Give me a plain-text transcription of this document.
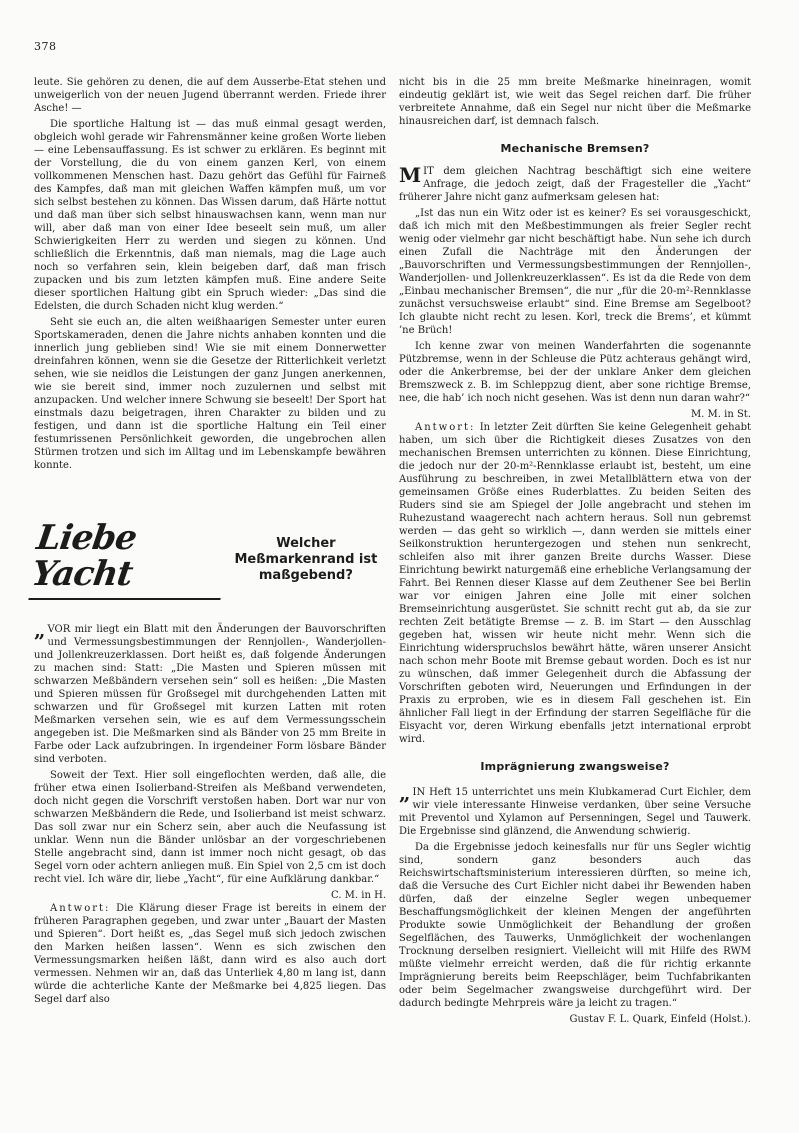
378

leute. Sie gehören zu denen, die auf dem Ausserbe-Etat stehen und unweigerlich von der neuen Jugend überrannt werden. Friede ihrer Asche! —

Die sportliche Haltung ist — das muß einmal gesagt werden, obgleich wohl gerade wir Fahrensmänner keine großen Worte lieben — eine Lebensauffassung. Es ist schwer zu erklären. Es beginnt mit der Vorstellung, die du von einem ganzen Kerl, von einem vollkommenen Menschen hast. Dazu gehört das Gefühl für Fairneß des Kampfes, daß man mit gleichen Waffen kämpfen muß, um vor sich selbst bestehen zu können. Das Wissen darum, daß Härte nottut und daß man über sich selbst hinauswachsen kann, wenn man nur will, aber daß man von einer Idee beseelt sein muß, um aller Schwierigkeiten Herr zu werden und siegen zu können. Und schließlich die Erkenntnis, daß man niemals, mag die Lage auch noch so verfahren sein, klein beigeben darf, daß man frisch zupacken und bis zum letzten kämpfen muß. Eine andere Seite dieser sportlichen Haltung gibt ein Spruch wieder: „Das sind die Edelsten, die durch Schaden nicht klug werden.“

Seht sie euch an, die alten weißhaarigen Semester unter euren Sportskameraden, denen die Jahre nichts anhaben konnten und die innerlich jung geblieben sind! Wie sie mit einem Donnerwetter dreinfahren können, wenn sie die Gesetze der Ritterlichkeit verletzt sehen, wie sie neidlos die Leistungen der ganz Jungen anerkennen, wie sie bereit sind, immer noch zuzulernen und selbst mit anzupacken. Und welcher innere Schwung sie beseelt! Der Sport hat einstmals dazu beigetragen, ihren Charakter zu bilden und zu festigen, und dann ist die sportliche Haltung ein Teil einer festumrissenen Persönlichkeit geworden, die ungebrochen allen Stürmen trotzen und sich im Alltag und im Lebenskampfe bewähren konnte.

Liebe Yacht
Welcher Meßmarkenrand ist maßgebend?

„ VOR mir liegt ein Blatt mit den Änderungen der Bauvorschriften und Vermessungsbestimmungen der Rennjollen-, Wanderjollen- und Jollenkreuzerklassen. Dort heißt es, daß folgende Änderungen zu machen sind: Statt: „Die Masten und Spieren müssen mit schwarzen Meßbändern versehen sein“ soll es heißen: „Die Masten und Spieren müssen für Großsegel mit durchgehenden Latten mit schwarzen und für Großsegel mit kurzen Latten mit roten Meßmarken versehen sein, wie es auf dem Vermessungsschein angegeben ist. Die Meßmarken sind als Bänder von 25 mm Breite in Farbe oder Lack aufzubringen. In irgendeiner Form lösbare Bänder sind verboten.

Soweit der Text. Hier soll eingeflochten werden, daß alle, die früher etwa einen Isolierband-Streifen als Meßband verwendeten, doch nicht gegen die Vorschrift verstoßen haben. Dort war nur von schwarzen Meßbändern die Rede, und Isolierband ist meist schwarz. Das soll zwar nur ein Scherz sein, aber auch die Neufassung ist unklar. Wenn nun die Bänder unlösbar an der vorgeschriebenen Stelle angebracht sind, dann ist immer noch nicht gesagt, ob das Segel vorn oder achtern anliegen muß. Ein Spiel von 2,5 cm ist doch recht viel. Ich wäre dir, liebe „Yacht“, für eine Aufklärung dankbar.“

C. M. in H.

Antwort: Die Klärung dieser Frage ist bereits in einem der früheren Paragraphen gegeben, und zwar unter „Bauart der Masten und Spieren“. Dort heißt es, „das Segel muß sich jedoch zwischen den Marken heißen lassen“. Wenn es sich zwischen den Vermessungsmarken heißen läßt, dann wird es also auch dort vermessen. Nehmen wir an, daß das Unterliek 4,80 m lang ist, dann würde die achterliche Kante der Meßmarke bei 4,825 liegen. Das Segel darf also

nicht bis in die 25 mm breite Meßmarke hineinragen, womit eindeutig geklärt ist, wie weit das Segel reichen darf. Die früher verbreitete Annahme, daß ein Segel nur nicht über die Meßmarke hinausreichen darf, ist demnach falsch.

Mechanische Bremsen?

MIT dem gleichen Nachtrag beschäftigt sich eine weitere Anfrage, die jedoch zeigt, daß der Fragesteller die „Yacht“ früherer Jahre nicht ganz aufmerksam gelesen hat:

„Ist das nun ein Witz oder ist es keiner? Es sei vorausgeschickt, daß ich mich mit den Meßbestimmungen als freier Segler recht wenig oder vielmehr gar nicht beschäftigt habe. Nun sehe ich durch einen Zufall die Nachträge mit den Änderungen der „Bauvorschriften und Vermessungsbestimmungen der Rennjollen-, Wanderjollen- und Jollenkreuzerklassen“. Es ist da die Rede von dem „Einbau mechanischer Bremsen“, die nur „für die 20-m²-Rennklasse zunächst versuchsweise erlaubt“ sind. Eine Bremse am Segelboot? Ich glaubte nicht recht zu lesen. Korl, treck die Brems’, et kümmt ’ne Brüch!

Ich kenne zwar von meinen Wanderfahrten die sogenannte Pützbremse, wenn in der Schleuse die Pütz achteraus gehängt wird, oder die Ankerbremse, bei der der unklare Anker dem gleichen Bremszweck z. B. im Schleppzug dient, aber sone richtige Bremse, nee, die hab’ ich noch nicht gesehen. Was ist denn nun daran wahr?“

M. M. in St.

Antwort: In letzter Zeit dürften Sie keine Gelegenheit gehabt haben, um sich über die Richtigkeit dieses Zusatzes von den mechanischen Bremsen unterrichten zu können. Diese Einrichtung, die jedoch nur der 20-m²-Rennklasse erlaubt ist, besteht, um eine Ausführung zu beschreiben, in zwei Metallblättern etwa von der gemeinsamen Größe eines Ruderblattes. Zu beiden Seiten des Ruders sind sie am Spiegel der Jolle angebracht und stehen im Ruhezustand waagerecht nach achtern heraus. Soll nun gebremst werden — das geht so wirklich —, dann werden sie mittels einer Seilkonstruktion heruntergezogen und stehen nun senkrecht, schleifen also mit ihrer ganzen Breite durchs Wasser. Diese Einrichtung bewirkt naturgemäß eine erhebliche Verlangsamung der Fahrt. Bei Rennen dieser Klasse auf dem Zeuthener See bei Berlin war vor einigen Jahren eine Jolle mit einer solchen Bremseinrichtung ausgerüstet. Sie schnitt recht gut ab, da sie zur rechten Zeit betätigte Bremse — z. B. im Start — den Ausschlag gegeben hat, wissen wir heute nicht mehr. Wenn sich die Einrichtung widerspruchslos bewährt hätte, wären unserer Ansicht nach schon mehr Boote mit Bremse gebaut worden. Doch es ist nur zu wünschen, daß immer Gelegenheit durch die Abfassung der Vorschriften geboten wird, Neuerungen und Erfindungen in der Praxis zu erproben, wie es in diesem Fall geschehen ist. Ein ähnlicher Fall liegt in der Erfindung der starren Segelfläche für die Eisyacht vor, deren Wirkung ebenfalls jetzt international erprobt wird.

Imprägnierung zwangsweise?

„ IN Heft 15 unterrichtet uns mein Klubkamerad Curt Eichler, dem wir viele interessante Hinweise verdanken, über seine Versuche mit Preventol und Xylamon auf Persenningen, Segel und Tauwerk. Die Ergebnisse sind glänzend, die Anwendung schwierig.

Da die Ergebnisse jedoch keinesfalls nur für uns Segler wichtig sind, sondern ganz besonders auch das Reichswirtschaftsministerium interessieren dürften, so meine ich, daß die Versuche des Curt Eichler nicht dabei ihr Bewenden haben dürfen, daß der einzelne Segler wegen unbequemer Beschaffungsmöglichkeit der kleinen Mengen der angeführten Produkte sowie Unmöglichkeit der Behandlung der großen Segelflächen, des Tauwerks, Unmöglichkeit der wochenlangen Trocknung derselben resigniert. Vielleicht will mit Hilfe des RWM müßte vielmehr erreicht werden, daß die für richtig erkannte Imprägnierung bereits beim Reepschläger, beim Tuchfabrikanten oder beim Segelmacher zwangsweise durchgeführt wird. Der dadurch bedingte Mehrpreis wäre ja leicht zu tragen.“

Gustav F. L. Quark, Einfeld (Holst.).
